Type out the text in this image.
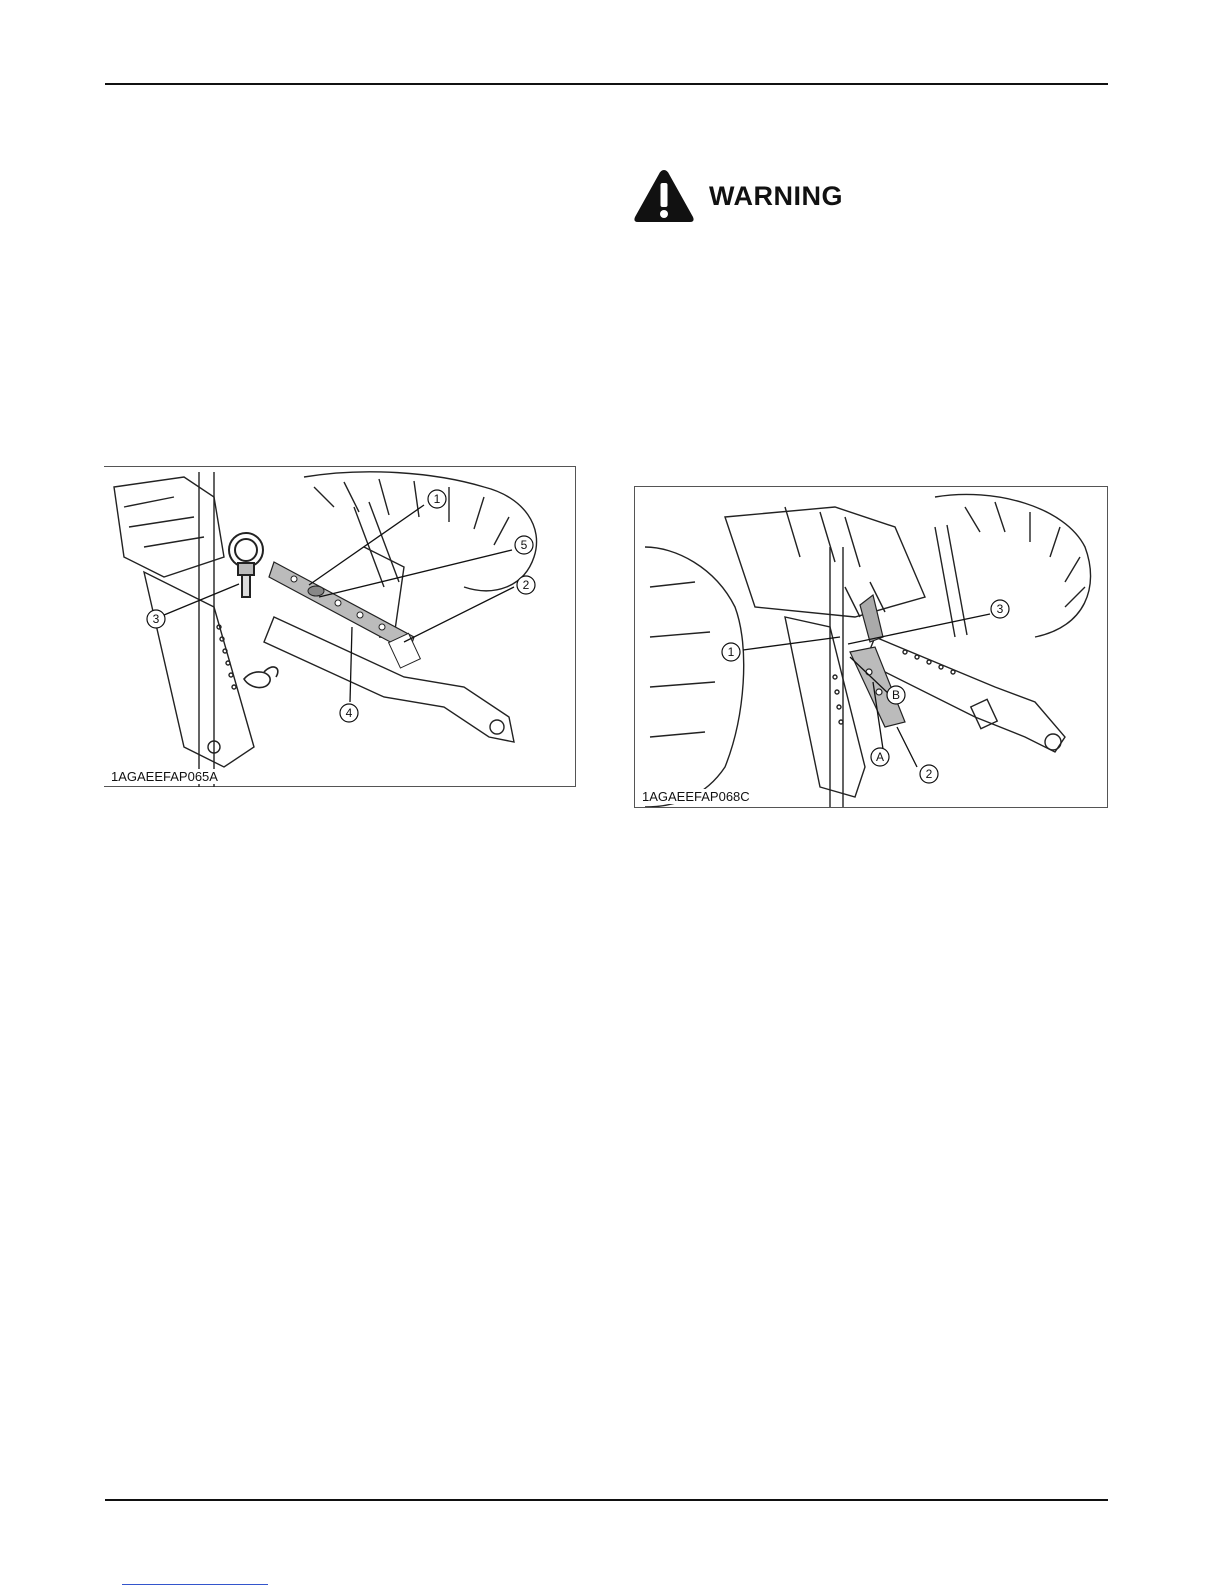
WARNING
1
2
3
4
5
1AGAEEFAP065A
1
2
3
A
B
1AGAEEFAP068C
